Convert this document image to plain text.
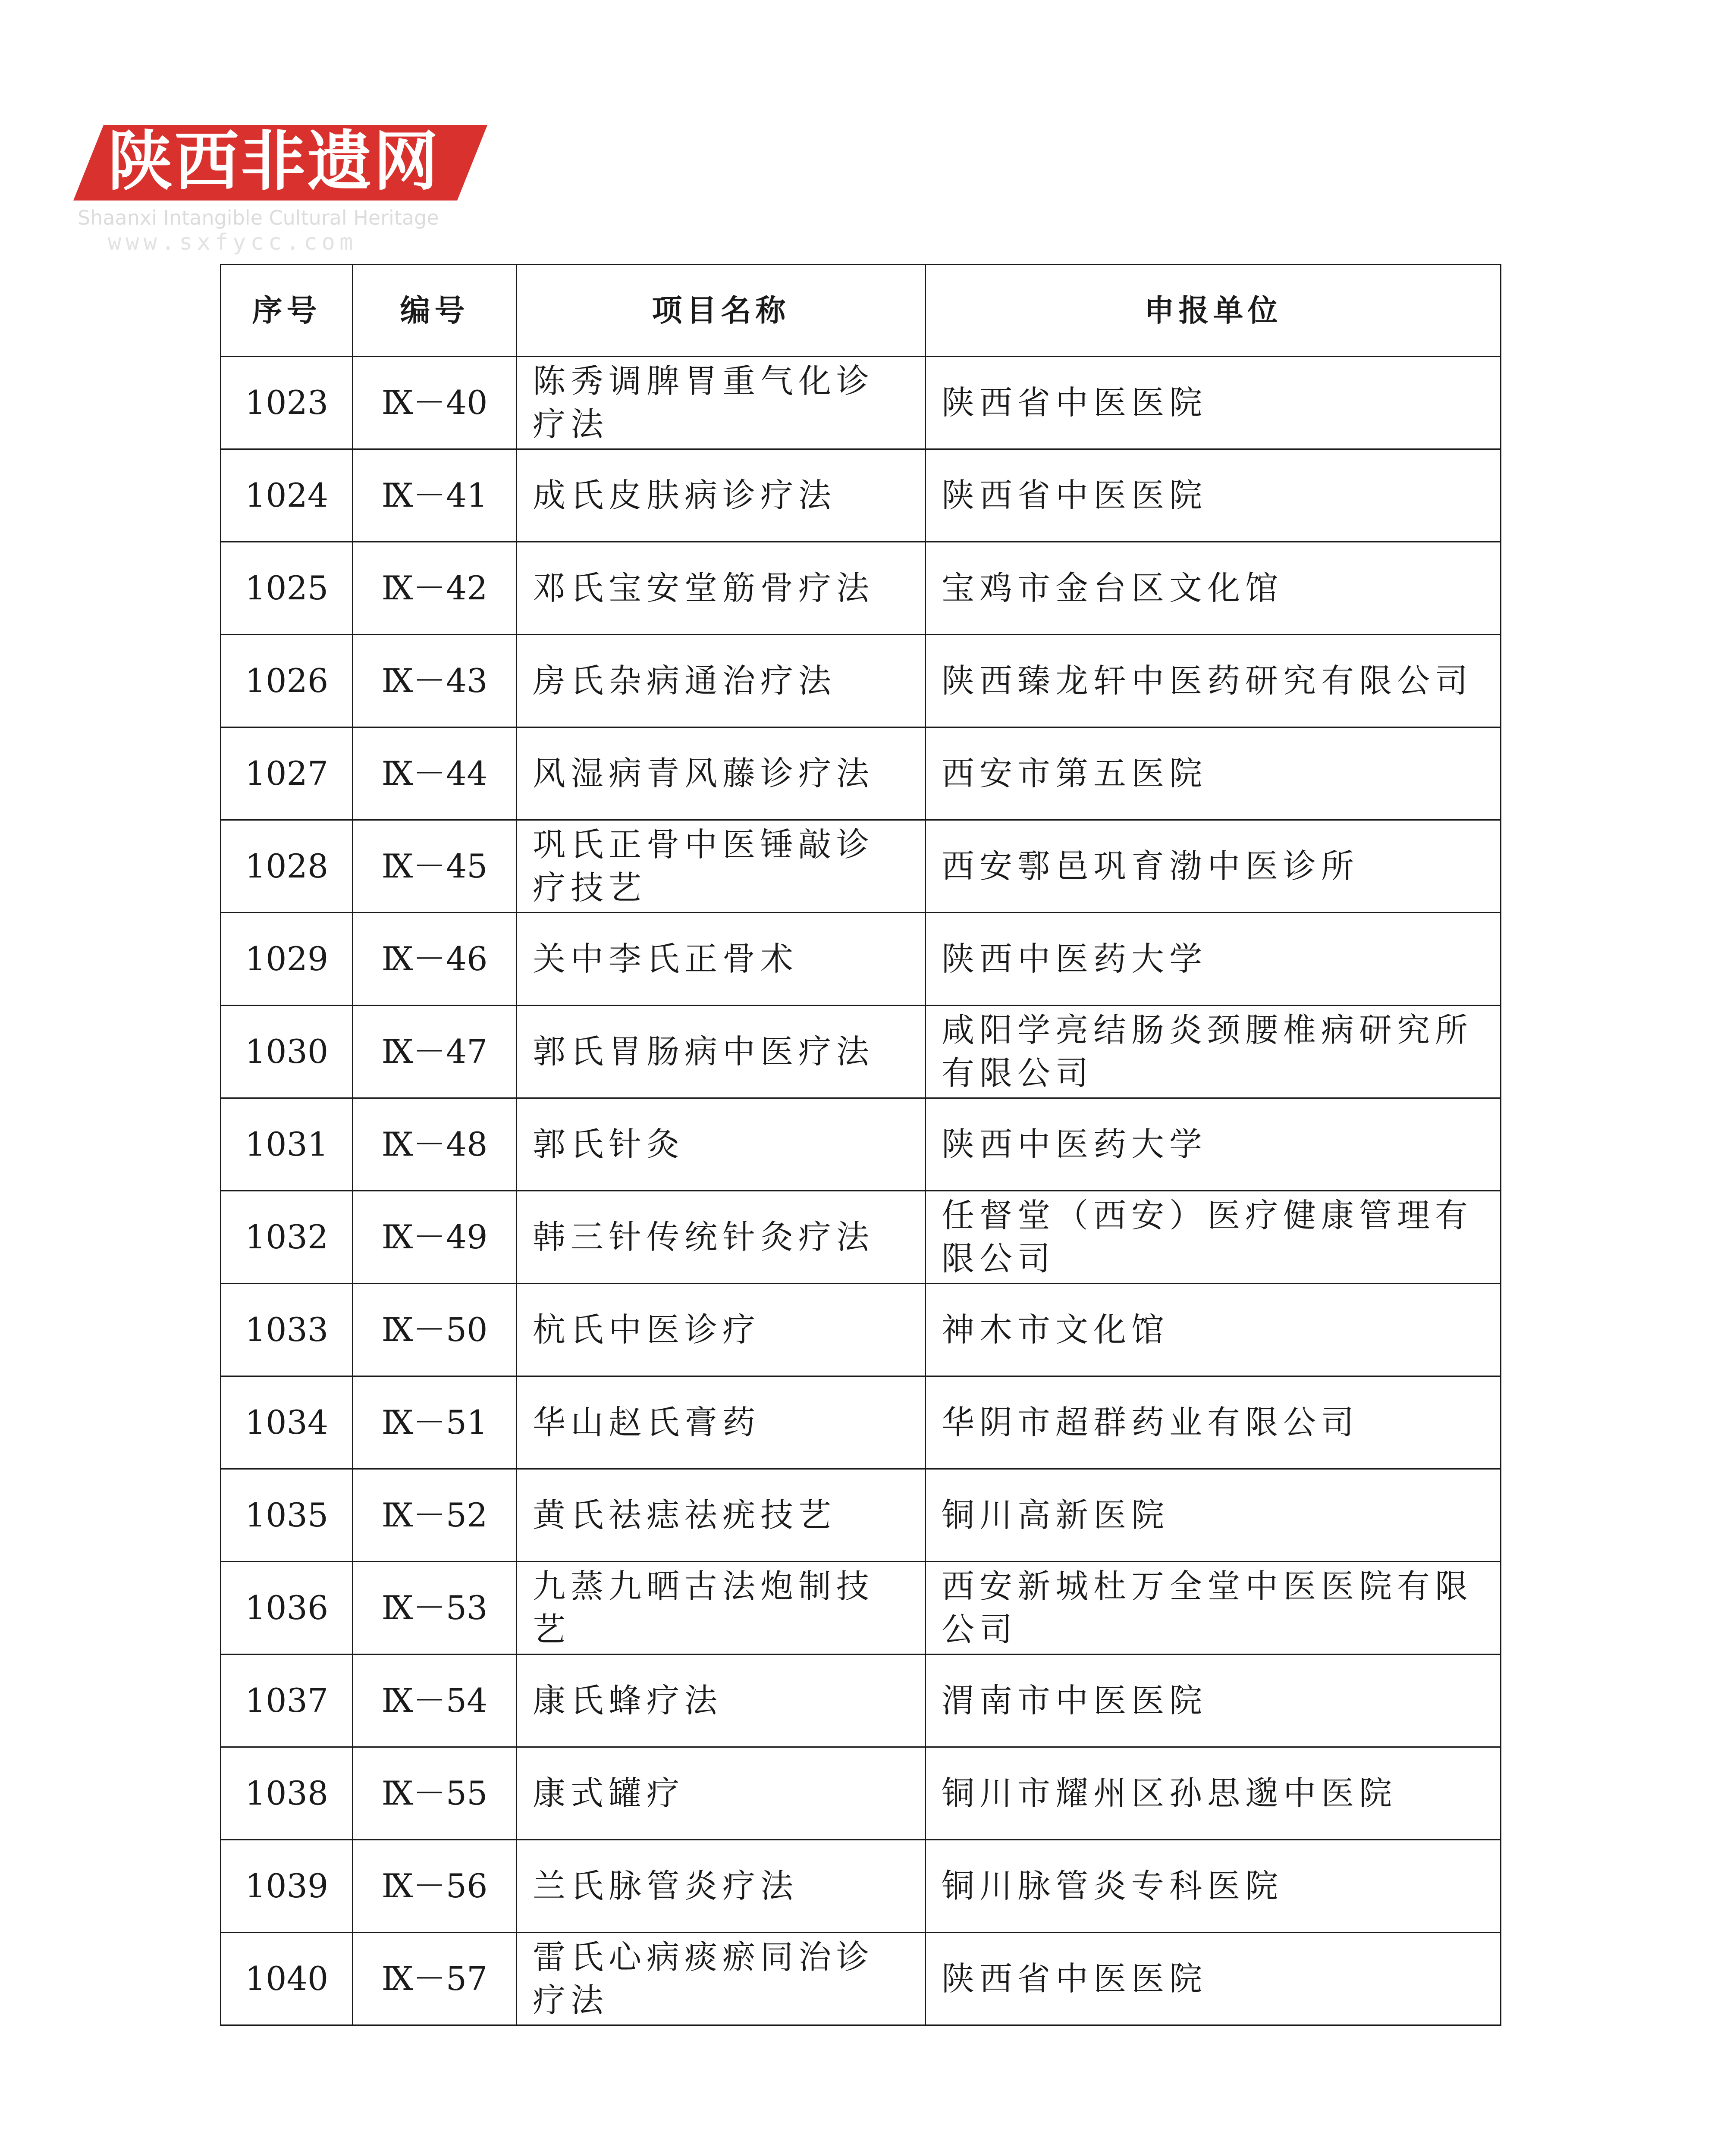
陕西非遗网
Shaanxi Intangible Cultural Heritage
www.sxfycc.com
序号	编号	项目名称	申报单位
1023	Ⅸ－40	陈秀调脾胃重气化诊疗法	陕西省中医医院
1024	Ⅸ－41	成氏皮肤病诊疗法	陕西省中医医院
1025	Ⅸ－42	邓氏宝安堂筋骨疗法	宝鸡市金台区文化馆
1026	Ⅸ－43	房氏杂病通治疗法	陕西臻龙轩中医药研究有限公司
1027	Ⅸ－44	风湿病青风藤诊疗法	西安市第五医院
1028	Ⅸ－45	巩氏正骨中医锤敲诊疗技艺	西安鄠邑巩育渤中医诊所
1029	Ⅸ－46	关中李氏正骨术	陕西中医药大学
1030	Ⅸ－47	郭氏胃肠病中医疗法	咸阳学亮结肠炎颈腰椎病研究所有限公司
1031	Ⅸ－48	郭氏针灸	陕西中医药大学
1032	Ⅸ－49	韩三针传统针灸疗法	任督堂（西安）医疗健康管理有限公司
1033	Ⅸ－50	杭氏中医诊疗	神木市文化馆
1034	Ⅸ－51	华山赵氏膏药	华阴市超群药业有限公司
1035	Ⅸ－52	黄氏祛痣祛疣技艺	铜川高新医院
1036	Ⅸ－53	九蒸九晒古法炮制技艺	西安新城杜万全堂中医医院有限公司
1037	Ⅸ－54	康氏蜂疗法	渭南市中医医院
1038	Ⅸ－55	康式罐疗	铜川市耀州区孙思邈中医院
1039	Ⅸ－56	兰氏脉管炎疗法	铜川脉管炎专科医院
1040	Ⅸ－57	雷氏心病痰瘀同治诊疗法	陕西省中医医院
